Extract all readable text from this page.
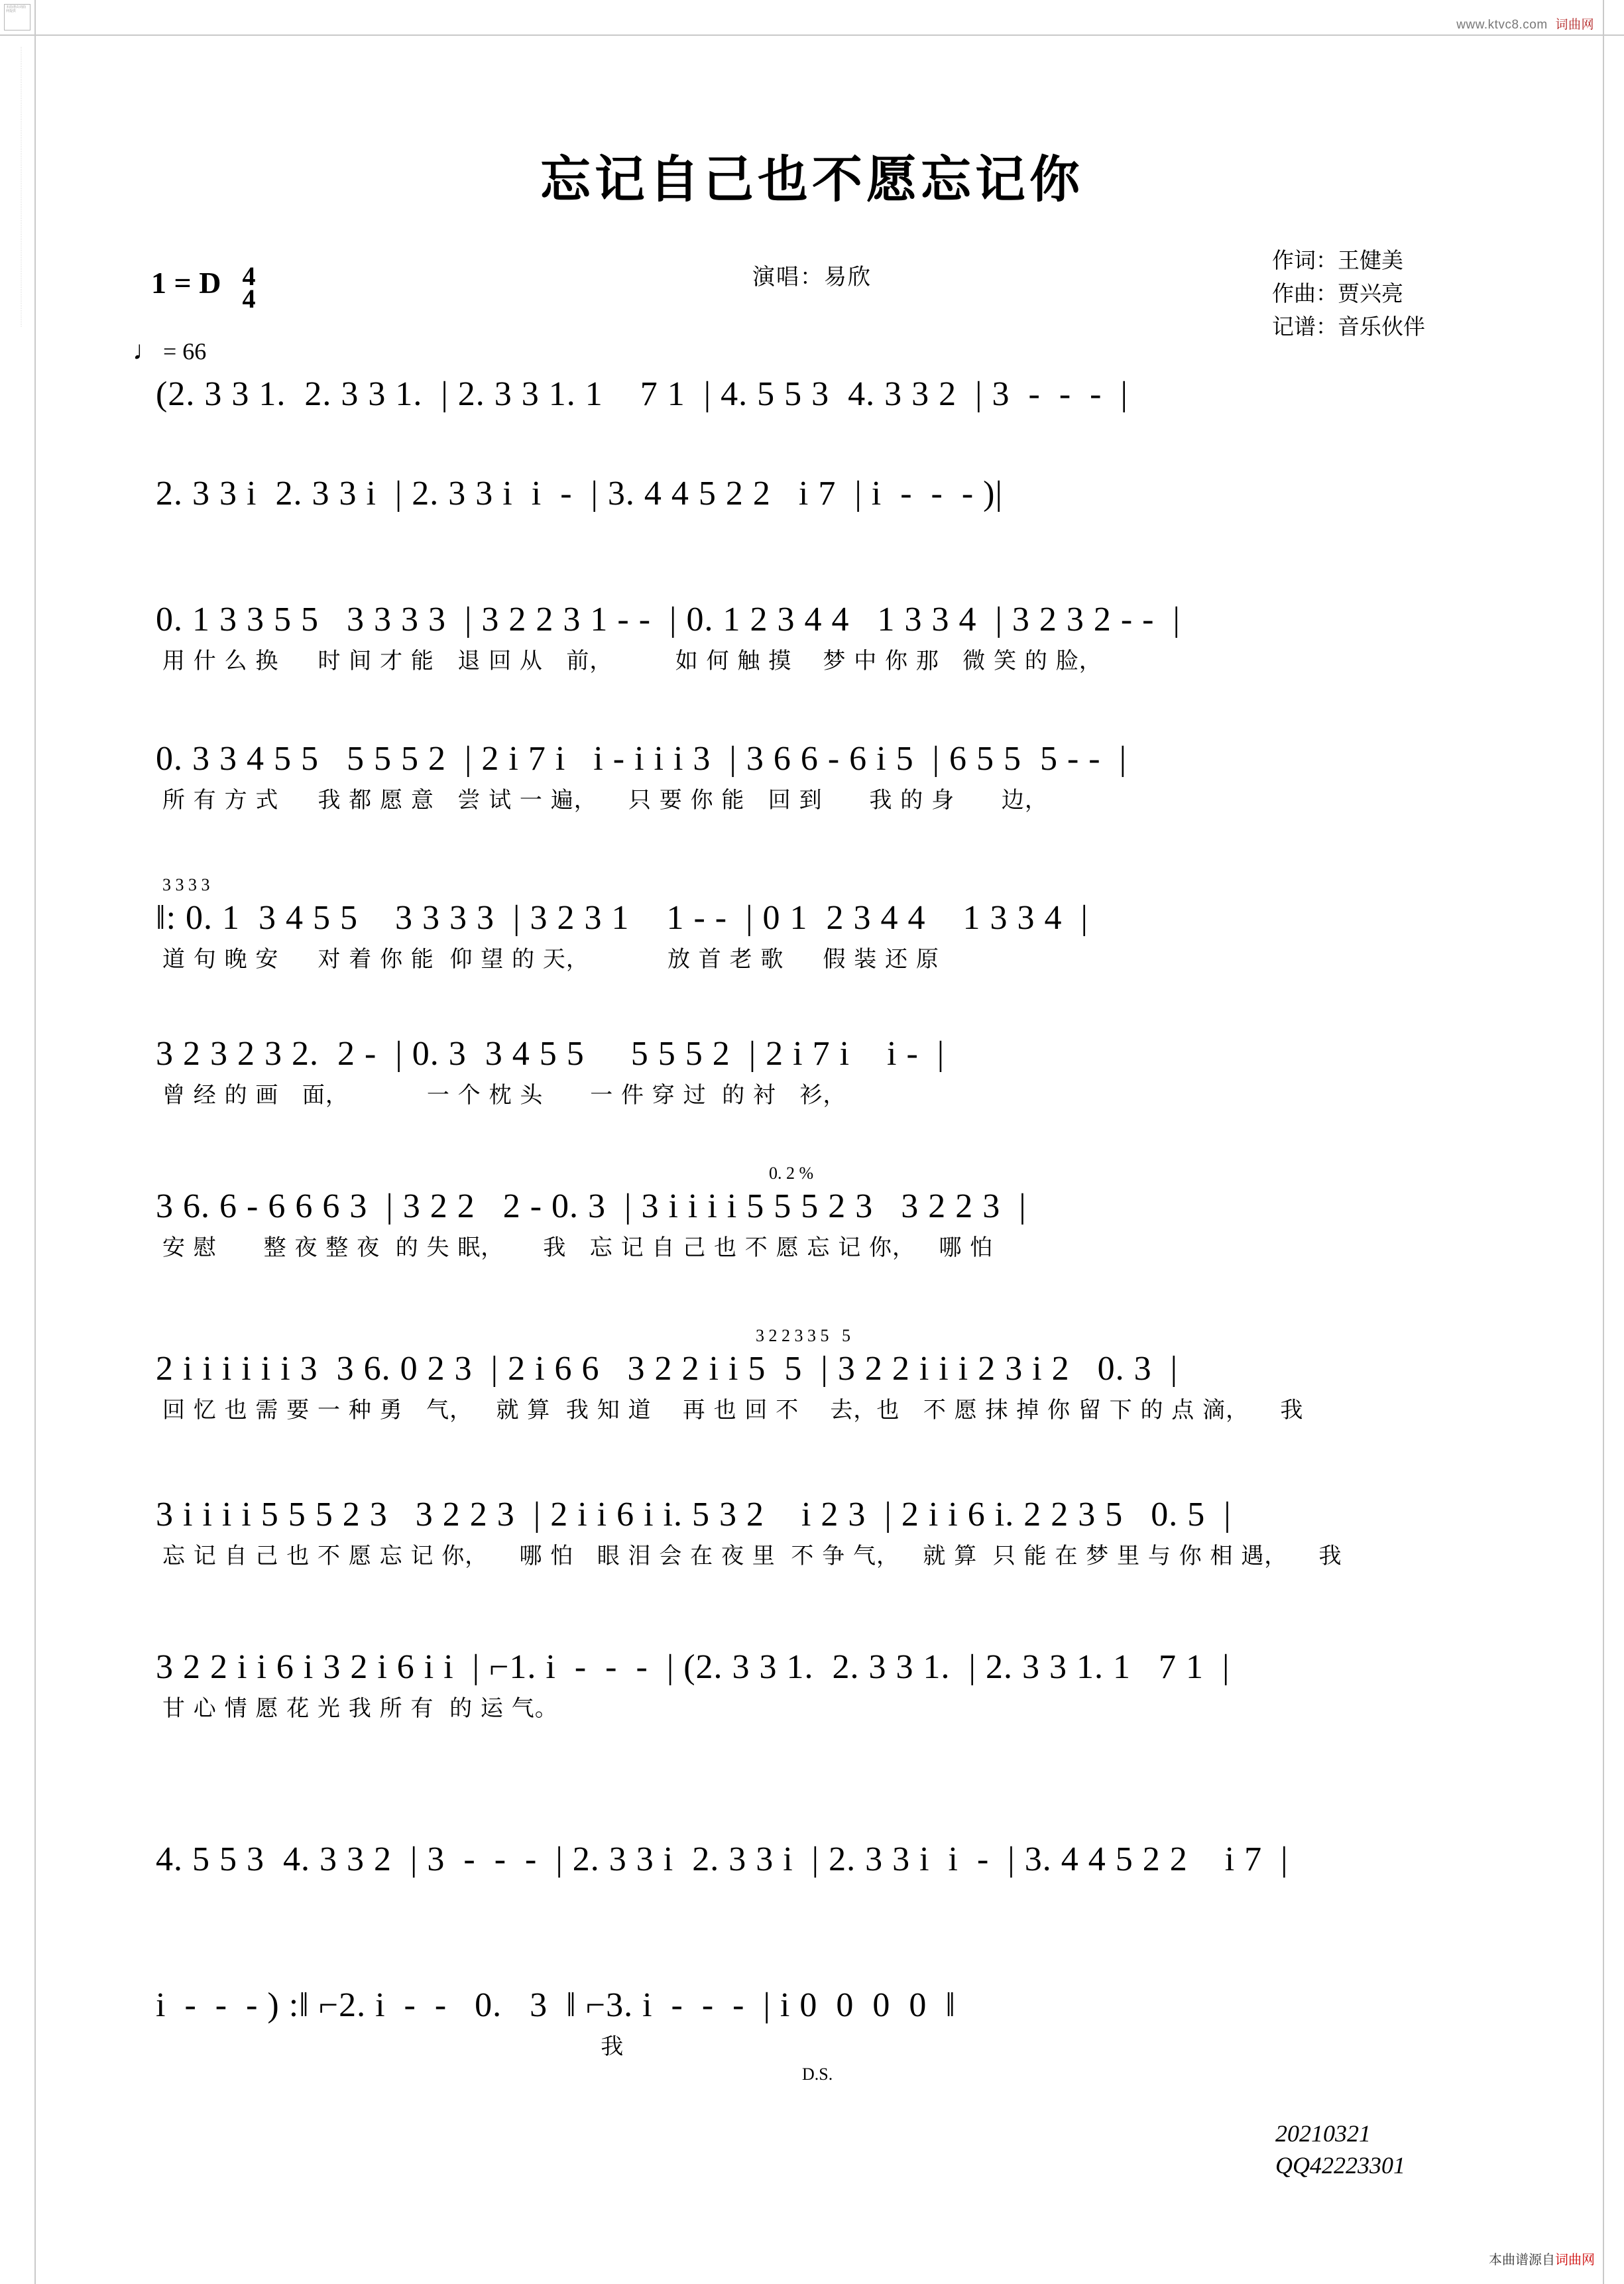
本曲谱由词曲网提供
·······························································································································································
www.ktvc8.com 词曲网
忘记自己也不愿忘记你
演唱：易欣
作词：王健美
作曲：贾兴亮
记谱：音乐伙伴
1 = D 4
4
♩ = 66
(2. 3 3 1.  2. 3 3 1.  | 2. 3 3 1. 1    7 1  | 4. 5 5 3  4. 3 3 2  | 3  -  -  -  |
2. 3 3 i  2. 3 3 i  | 2. 3 3 i  i  -  | 3. 4 4 5 2 2   i 7  | i  -  -  - )|
0. 1 3 3 5 5   3 3 3 3  | 3 2 2 3 1 - -  | 0. 1 2 3 4 4   1 3 3 4  | 3 2 3 2 - -  |
用 什 么 换     时 间 才 能   退 回 从   前，        如 何 触 摸    梦 中 你 那   微 笑 的 脸，
0. 3 3 4 5 5   5 5 5 2  | 2 i 7 i   i - i i i 3  | 3 6 6 - 6 i 5  | 6 5 5  5 - -  |
所 有 方 式     我 都 愿 意   尝 试 一 遍，    只 要 你 能   回 到      我 的 身      边，
3 3 3 3
‖: 0. 1  3 4 5 5    3 3 3 3  | 3 2 3 1    1 - -  | 0 1  2 3 4 4    1 3 3 4  |
道 句 晚 安     对 着 你 能  仰 望 的 天，          放 首 老 歌     假 装 还 原
3 2 3 2 3 2.  2 -  | 0. 3  3 4 5 5     5 5 5 2  | 2 i 7 i    i -  |
曾 经 的 画   面，          一 个 枕 头      一 件 穿 过  的 衬   衫，
0. 2 %
3 6. 6 - 6 6 6 3  | 3 2 2   2 - 0. 3  | 3 i i i i 5 5 5 2 3   3 2 2 3  |
安 慰      整 夜 整 夜  的 失 眠，     我   忘 记 自 己 也 不 愿 忘 记 你，   哪 怕
3 2 2 3 3 5   5
2 i i i i i i 3  3 6. 0 2 3  | 2 i 6 6   3 2 2 i i 5  5  | 3 2 2 i i i 2 3 i 2   0. 3  |
回 忆 也 需 要 一 种 勇   气，   就 算  我 知 道    再 也 回 不    去，也   不 愿 抹 掉 你 留 下 的 点 滴，    我
3 i i i i 5 5 5 2 3   3 2 2 3  | 2 i i 6 i i. 5 3 2    i 2 3  | 2 i i 6 i. 2 2 3 5   0. 5  |
忘 记 自 己 也 不 愿 忘 记 你，    哪 怕   眼 泪 会 在 夜 里  不 争 气，   就 算  只 能 在 梦 里 与 你 相 遇，    我
3 2 2 i i 6 i 3 2 i 6 i i  | ⌐1. i  -  -  -  | (2. 3 3 1.  2. 3 3 1.  | 2. 3 3 1. 1   7 1  |
甘 心 情 愿 花 光 我 所 有  的 运 气。
4. 5 5 3  4. 3 3 2  | 3  -  -  -  | 2. 3 3 i  2. 3 3 i  | 2. 3 3 i  i  -  | 3. 4 4 5 2 2    i 7  |
i  -  -  - ) :‖ ⌐2. i  -  -   0.   3  ‖ ⌐3. i  -  -  -  | i 0  0  0  0  ‖
我
D.S.
20210321
QQ42223301
本曲谱源自词曲网
